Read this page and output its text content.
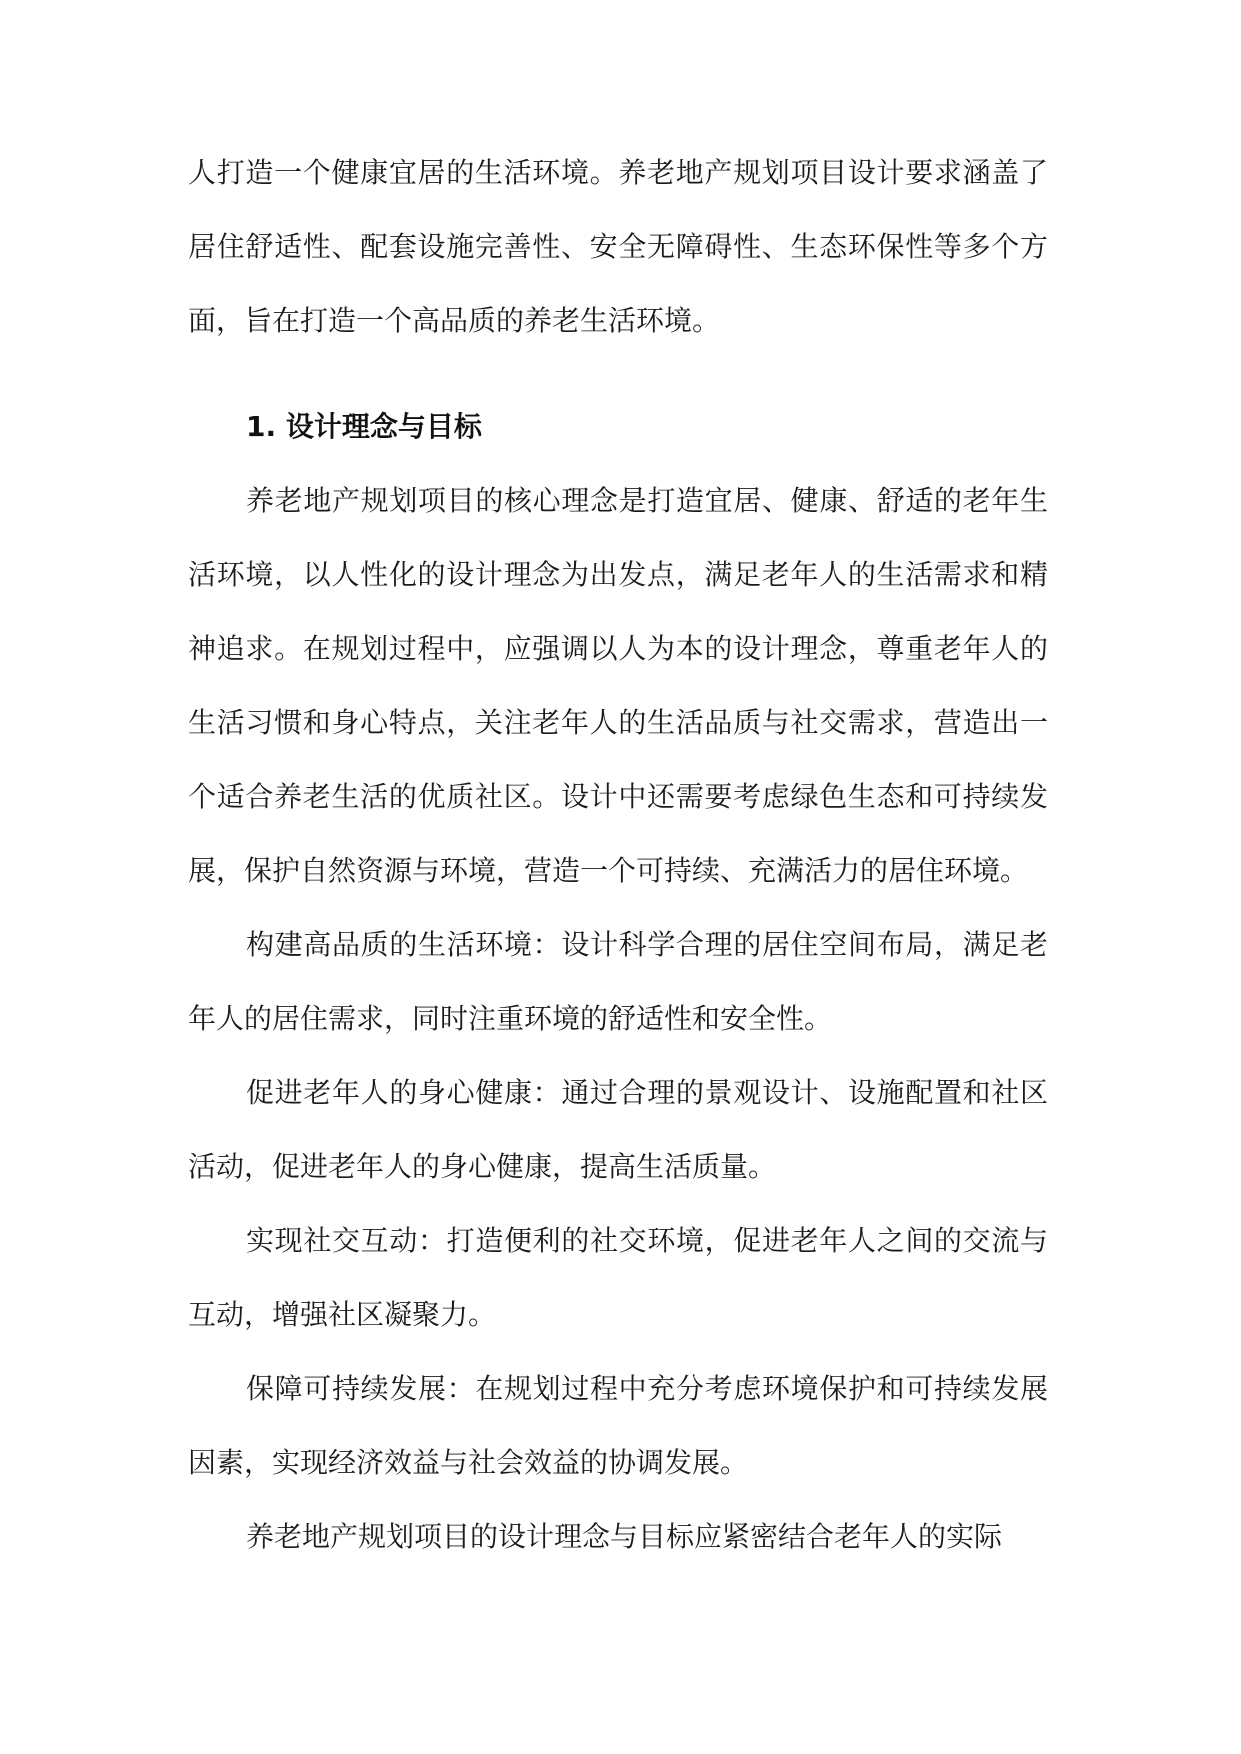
人打造一个健康宜居的生活环境。养老地产规划项目设计要求涵盖了居住舒适性、配套设施完善性、安全无障碍性、生态环保性等多个方面，旨在打造一个高品质的养老生活环境。

1. 设计理念与目标

养老地产规划项目的核心理念是打造宜居、健康、舒适的老年生活环境，以人性化的设计理念为出发点，满足老年人的生活需求和精神追求。在规划过程中，应强调以人为本的设计理念，尊重老年人的生活习惯和身心特点，关注老年人的生活品质与社交需求，营造出一个适合养老生活的优质社区。设计中还需要考虑绿色生态和可持续发展，保护自然资源与环境，营造一个可持续、充满活力的居住环境。

构建高品质的生活环境：设计科学合理的居住空间布局，满足老年人的居住需求，同时注重环境的舒适性和安全性。

促进老年人的身心健康：通过合理的景观设计、设施配置和社区活动，促进老年人的身心健康，提高生活质量。

实现社交互动：打造便利的社交环境，促进老年人之间的交流与互动，增强社区凝聚力。

保障可持续发展：在规划过程中充分考虑环境保护和可持续发展因素，实现经济效益与社会效益的协调发展。

养老地产规划项目的设计理念与目标应紧密结合老年人的实际
